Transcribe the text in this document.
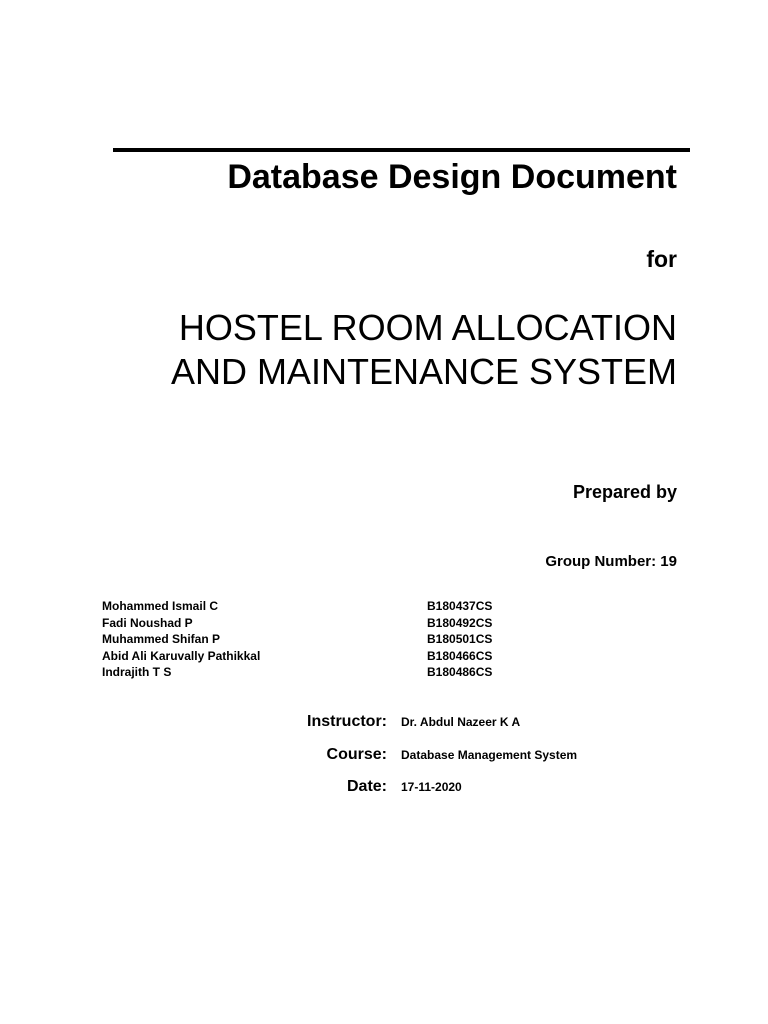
Database Design Document
for
HOSTEL ROOM ALLOCATION
AND MAINTENANCE SYSTEM
Prepared by
Group Number: 19
Mohammed Ismail C	B180437CS
Fadi Noushad P	B180492CS
Muhammed Shifan P	B180501CS
Abid Ali Karuvally Pathikkal	B180466CS
Indrajith T S	B180486CS
Instructor: Dr. Abdul Nazeer K A
Course: Database Management System
Date: 17-11-2020
